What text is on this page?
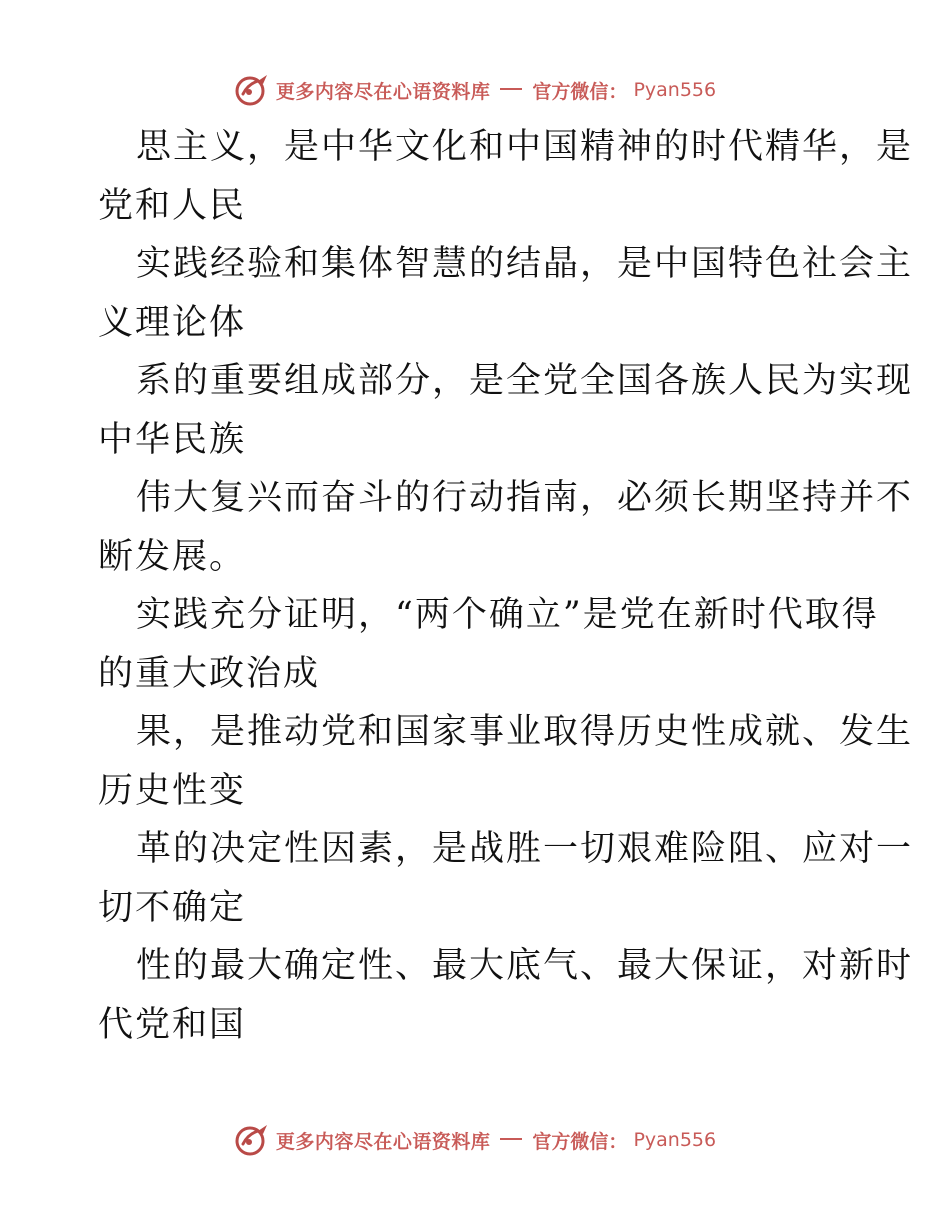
更多内容尽在心语资料库 官方微信： Pyan556

思主义，是中华文化和中国精神的时代精华，是
党和人民

实践经验和集体智慧的结晶，是中国特色社会主
义理论体

系的重要组成部分，是全党全国各族人民为实现
中华民族

伟大复兴而奋斗的行动指南，必须长期坚持并不
断发展。

实践充分证明，“两个确立”是党在新时代取得
的重大政治成

果，是推动党和国家事业取得历史性成就、发生
历史性变

革的决定性因素，是战胜一切艰难险阻、应对一
切不确定

性的最大确定性、最大底气、最大保证，对新时
代党和国

更多内容尽在心语资料库 官方微信： Pyan556
